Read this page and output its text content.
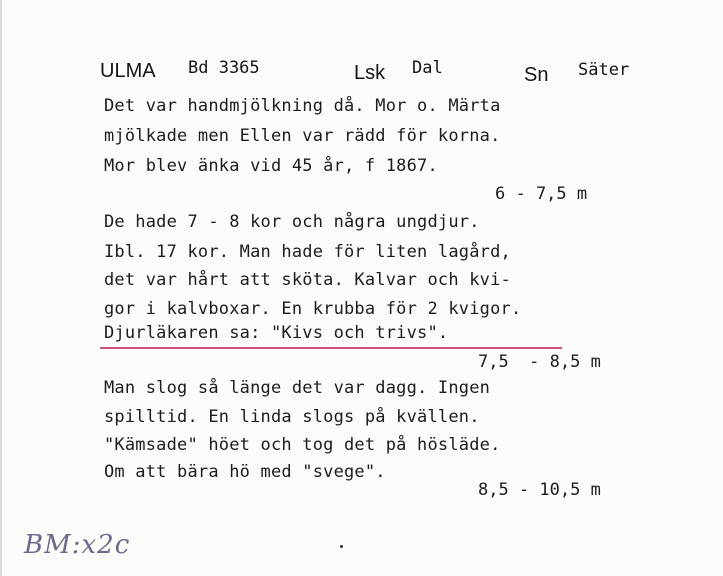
ULMA Bd 3365	Lsk Dal	Sn Säter
Det var handmjölkning då. Mor o. Märta
mjölkade men Ellen var rädd för korna.
Mor blev änka vid 45 år, f 1867.
6 - 7,5 m
De hade 7 - 8 kor och några ungdjur.
Ibl. 17 kor. Man hade för liten lagård,
det var hårt att sköta. Kalvar och kvi-
gor i kalvboxar. En krubba för 2 kvigor.
Djurläkaren sa: "Kivs och trivs".
7,5  - 8,5 m
Man slog så länge det var dagg. Ingen
spilltid. En linda slogs på kvällen.
"Kämsade" höet och tog det på hösläde.
Om att bära hö med "svege".
8,5 - 10,5 m
BM:x2c
